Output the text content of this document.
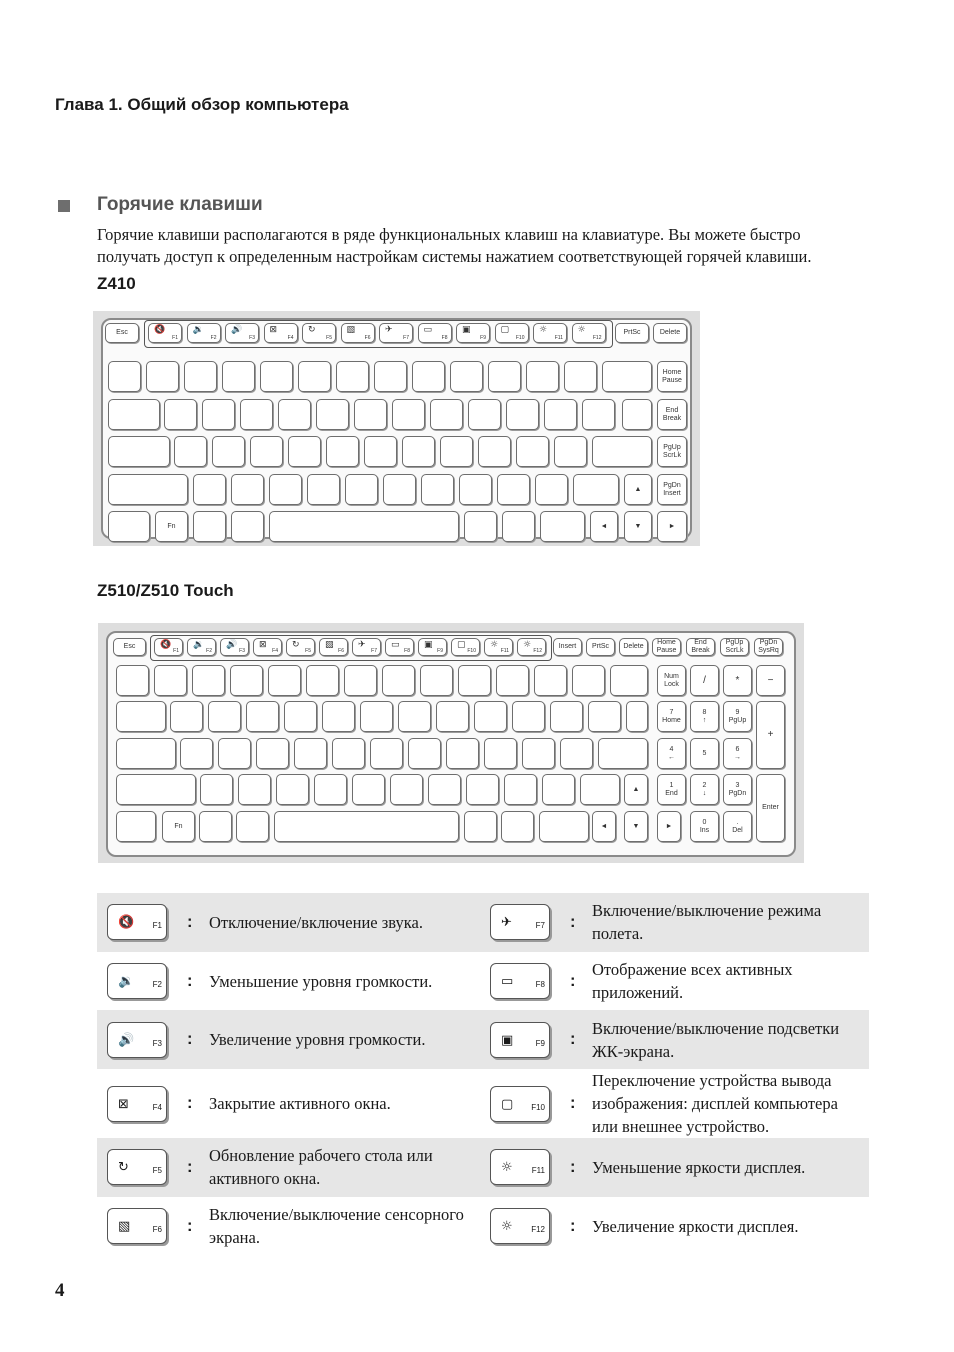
Глава 1. Общий обзор компьютера
Горячие клавиши
Горячие клавиши располагаются в ряде функциональных клавиш на клавиатуре. Вы можете быстро получать доступ к определенным настройкам системы нажатием соответствующей горячей клавиши.
Z410
Esc	🔇
F1
🔉
F2
🔊
F3
⊠
F4
↻
F5
▧
F6
✈
F7
▭
F8
▣
F9
▢
F10
☼
F11
☼
F12
PrtSc	Delete
Home
Pause
End
Break
PgUp
ScrLk
▲
PgDn
Insert
Fn	◄	▼	►
Z510/Z510 Touch
Esc	🔇
F1
🔉
F2
🔊
F3
⊠
F4
↻
F5
▧
F6
✈
F7
▭
F8
▣
F9
▢
F10
☼
F11
☼
F12
Insert	PrtSc	Delete
Home
Pause
End
Break
PgUp
ScrLk
PgDn
SysRq
▲
Fn	◄	▼	►
Num
Lock	/	*	−
7
Home
8
↑
9
PgUp
+
4
←
5
6
→
1
End
2
↓
3
PgDn
Enter
0
Ins
.
Del
🔇 F1	:	Отключение/включение звука.	✈ F7	:	Включение/выключение режима полета.

🔉 F2	:	Уменьшение уровня громкости.	▭ F8	:	Отображение всех активных приложений.

🔊 F3	:	Увеличение уровня громкости.	▣ F9	:	Включение/выключение подсветки ЖК-экрана.

⊠ F4	:	Закрытие активного окна.	▢ F10	:	Переключение устройства вывода изображения: дисплей компьютера или внешнее устройство.

↻ F5	:	Обновление рабочего стола или активного окна.	☼ F11	:	Уменьшение яркости дисплея.

▧ F6	:	Включение/выключение сенсорного экрана.	☼ F12	:	Увеличение яркости дисплея.
4
